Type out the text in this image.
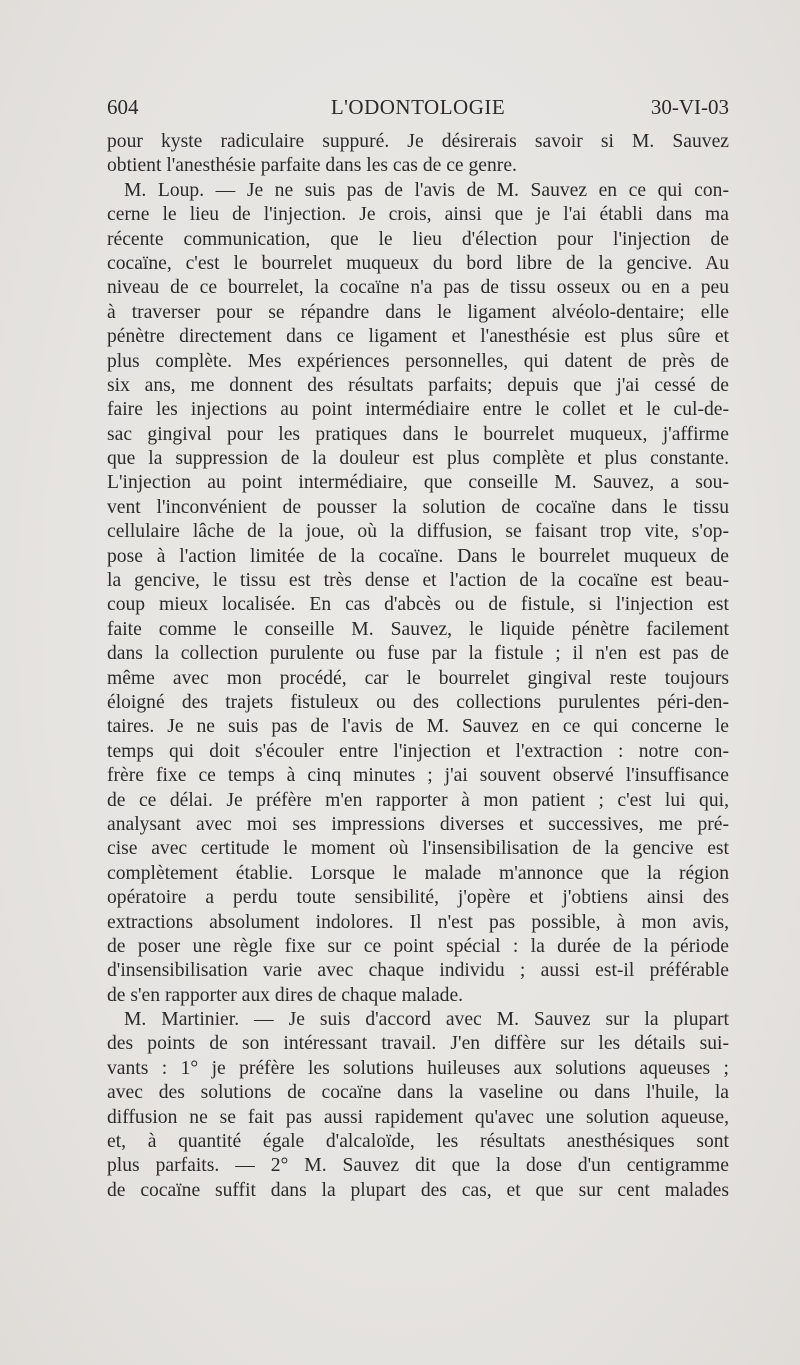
604	L'ODONTOLOGIE	30-VI-03
pour kyste radiculaire suppuré. Je désirerais savoir si M. Sauvez
obtient l'anesthésie parfaite dans les cas de ce genre.
M. Loup. — Je ne suis pas de l'avis de M. Sauvez en ce qui con-
cerne le lieu de l'injection. Je crois, ainsi que je l'ai établi dans ma
récente communication, que le lieu d'élection pour l'injection de
cocaïne, c'est le bourrelet muqueux du bord libre de la gencive. Au
niveau de ce bourrelet, la cocaïne n'a pas de tissu osseux ou en a peu
à traverser pour se répandre dans le ligament alvéolo-dentaire; elle
pénètre directement dans ce ligament et l'anesthésie est plus sûre et
plus complète. Mes expériences personnelles, qui datent de près de
six ans, me donnent des résultats parfaits; depuis que j'ai cessé de
faire les injections au point intermédiaire entre le collet et le cul-de-
sac gingival pour les pratiques dans le bourrelet muqueux, j'affirme
que la suppression de la douleur est plus complète et plus constante.
L'injection au point intermédiaire, que conseille M. Sauvez, a sou-
vent l'inconvénient de pousser la solution de cocaïne dans le tissu
cellulaire lâche de la joue, où la diffusion, se faisant trop vite, s'op-
pose à l'action limitée de la cocaïne. Dans le bourrelet muqueux de
la gencive, le tissu est très dense et l'action de la cocaïne est beau-
coup mieux localisée. En cas d'abcès ou de fistule, si l'injection est
faite comme le conseille M. Sauvez, le liquide pénètre facilement
dans la collection purulente ou fuse par la fistule ; il n'en est pas de
même avec mon procédé, car le bourrelet gingival reste toujours
éloigné des trajets fistuleux ou des collections purulentes péri-den-
taires. Je ne suis pas de l'avis de M. Sauvez en ce qui concerne le
temps qui doit s'écouler entre l'injection et l'extraction : notre con-
frère fixe ce temps à cinq minutes ; j'ai souvent observé l'insuffisance
de ce délai. Je préfère m'en rapporter à mon patient ; c'est lui qui,
analysant avec moi ses impressions diverses et successives, me pré-
cise avec certitude le moment où l'insensibilisation de la gencive est
complètement établie. Lorsque le malade m'annonce que la région
opératoire a perdu toute sensibilité, j'opère et j'obtiens ainsi des
extractions absolument indolores. Il n'est pas possible, à mon avis,
de poser une règle fixe sur ce point spécial : la durée de la période
d'insensibilisation varie avec chaque individu ; aussi est-il préférable
de s'en rapporter aux dires de chaque malade.
M. Martinier. — Je suis d'accord avec M. Sauvez sur la plupart
des points de son intéressant travail. J'en diffère sur les détails sui-
vants : 1° je préfère les solutions huileuses aux solutions aqueuses ;
avec des solutions de cocaïne dans la vaseline ou dans l'huile, la
diffusion ne se fait pas aussi rapidement qu'avec une solution aqueuse,
et, à quantité égale d'alcaloïde, les résultats anesthésiques sont
plus parfaits. — 2° M. Sauvez dit que la dose d'un centigramme
de cocaïne suffit dans la plupart des cas, et que sur cent malades
